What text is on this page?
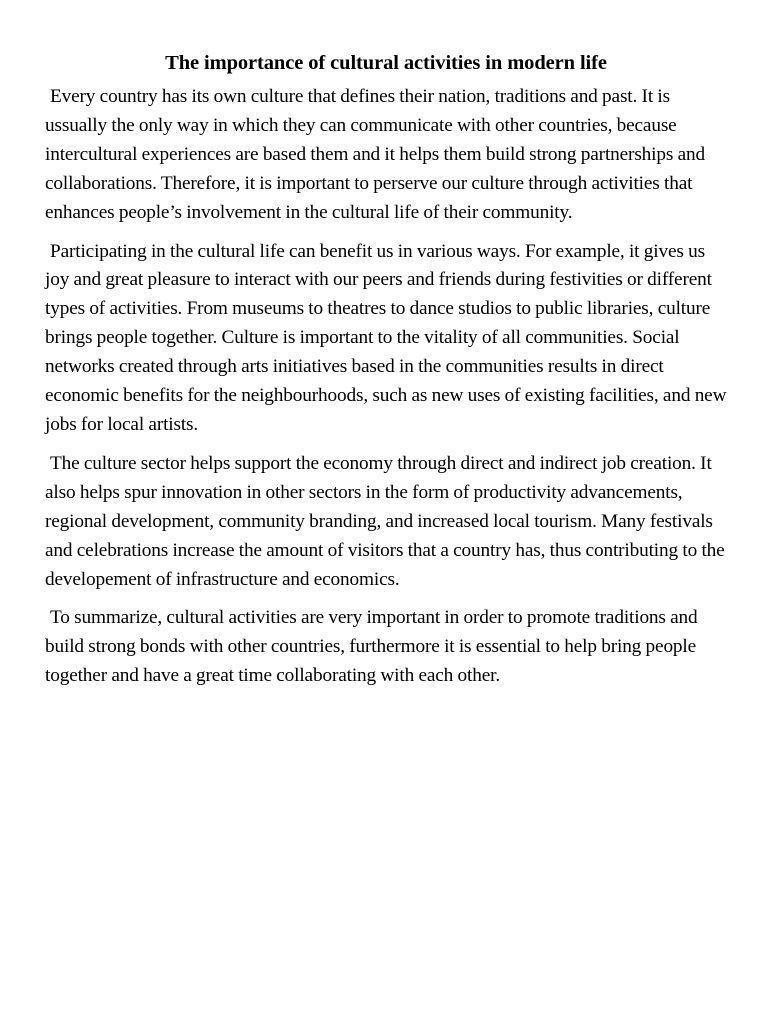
The importance of cultural activities in modern life

Every country has its own culture that defines their nation, traditions and past. It is ussually the only way in which they can communicate with other countries, because intercultural experiences are based them and it helps them build strong partnerships and collaborations. Therefore, it is important to perserve our culture through activities that enhances people’s involvement in the cultural life of their community.

Participating in the cultural life can benefit us in various ways. For example, it gives us joy and great pleasure to interact with our peers and friends during festivities or different types of activities. From museums to theatres to dance studios to public libraries, culture brings people together. Culture is important to the vitality of all communities. Social networks created through arts initiatives based in the communities results in direct economic benefits for the neighbourhoods, such as new uses of existing facilities, and new jobs for local artists.

The culture sector helps support the economy through direct and indirect job creation. It also helps spur innovation in other sectors in the form of productivity advancements, regional development, community branding, and increased local tourism. Many festivals and celebrations increase the amount of visitors that a country has, thus contributing to the developement of infrastructure and economics.

To summarize, cultural activities are very important in order to promote traditions and build strong bonds with other countries, furthermore it is essential to help bring people together and have a great time collaborating with each other.
